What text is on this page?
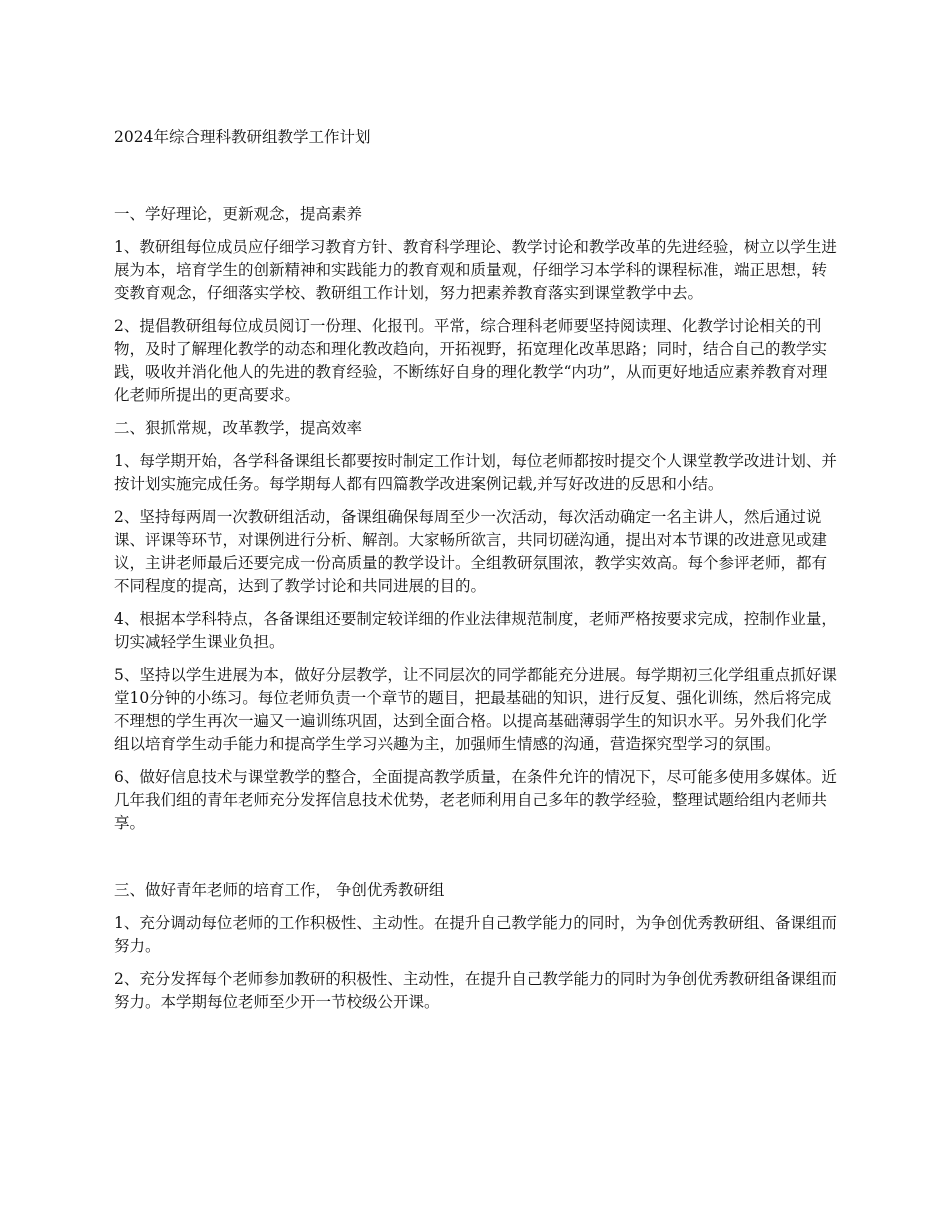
2024年综合理科教研组教学工作计划

一、学好理论，更新观念，提高素养

1、教研组每位成员应仔细学习教育方针、教育科学理论、教学讨论和教学改革的先进经验，树立以学生进展为本，培育学生的创新精神和实践能力的教育观和质量观，仔细学习本学科的课程标准，端正思想，转变教育观念，仔细落实学校、教研组工作计划，努力把素养教育落实到课堂教学中去。

2、提倡教研组每位成员阅订一份理、化报刊。平常，综合理科老师要坚持阅读理、化教学讨论相关的刊物，及时了解理化教学的动态和理化教改趋向，开拓视野，拓宽理化改革思路；同时，结合自己的教学实践，吸收并消化他人的先进的教育经验，不断练好自身的理化教学“内功”，从而更好地适应素养教育对理化老师所提出的更高要求。

二、狠抓常规，改革教学，提高效率

1、每学期开始，各学科备课组长都要按时制定工作计划，每位老师都按时提交个人课堂教学改进计划、并按计划实施完成任务。每学期每人都有四篇教学改进案例记载,并写好改进的反思和小结。

2、坚持每两周一次教研组活动，备课组确保每周至少一次活动，每次活动确定一名主讲人，然后通过说课、评课等环节，对课例进行分析、解剖。大家畅所欲言，共同切磋沟通，提出对本节课的改进意见或建议，主讲老师最后还要完成一份高质量的教学设计。全组教研氛围浓，教学实效高。每个参评老师，都有不同程度的提高，达到了教学讨论和共同进展的目的。

4、根据本学科特点，各备课组还要制定较详细的作业法律规范制度，老师严格按要求完成，控制作业量，切实减轻学生课业负担。

5、坚持以学生进展为本，做好分层教学，让不同层次的同学都能充分进展。每学期初三化学组重点抓好课堂10分钟的小练习。每位老师负责一个章节的题目，把最基础的知识，进行反复、强化训练，然后将完成不理想的学生再次一遍又一遍训练巩固，达到全面合格。以提高基础薄弱学生的知识水平。另外我们化学组以培育学生动手能力和提高学生学习兴趣为主，加强师生情感的沟通，营造探究型学习的氛围。

6、做好信息技术与课堂教学的整合，全面提高教学质量，在条件允许的情况下，尽可能多使用多媒体。近几年我们组的青年老师充分发挥信息技术优势，老老师利用自己多年的教学经验，整理试题给组内老师共享。

三、做好青年老师的培育工作， 争创优秀教研组

1、充分调动每位老师的工作积极性、主动性。在提升自己教学能力的同时，为争创优秀教研组、备课组而努力。

2、充分发挥每个老师参加教研的积极性、主动性，在提升自己教学能力的同时为争创优秀教研组备课组而努力。本学期每位老师至少开一节校级公开课。
